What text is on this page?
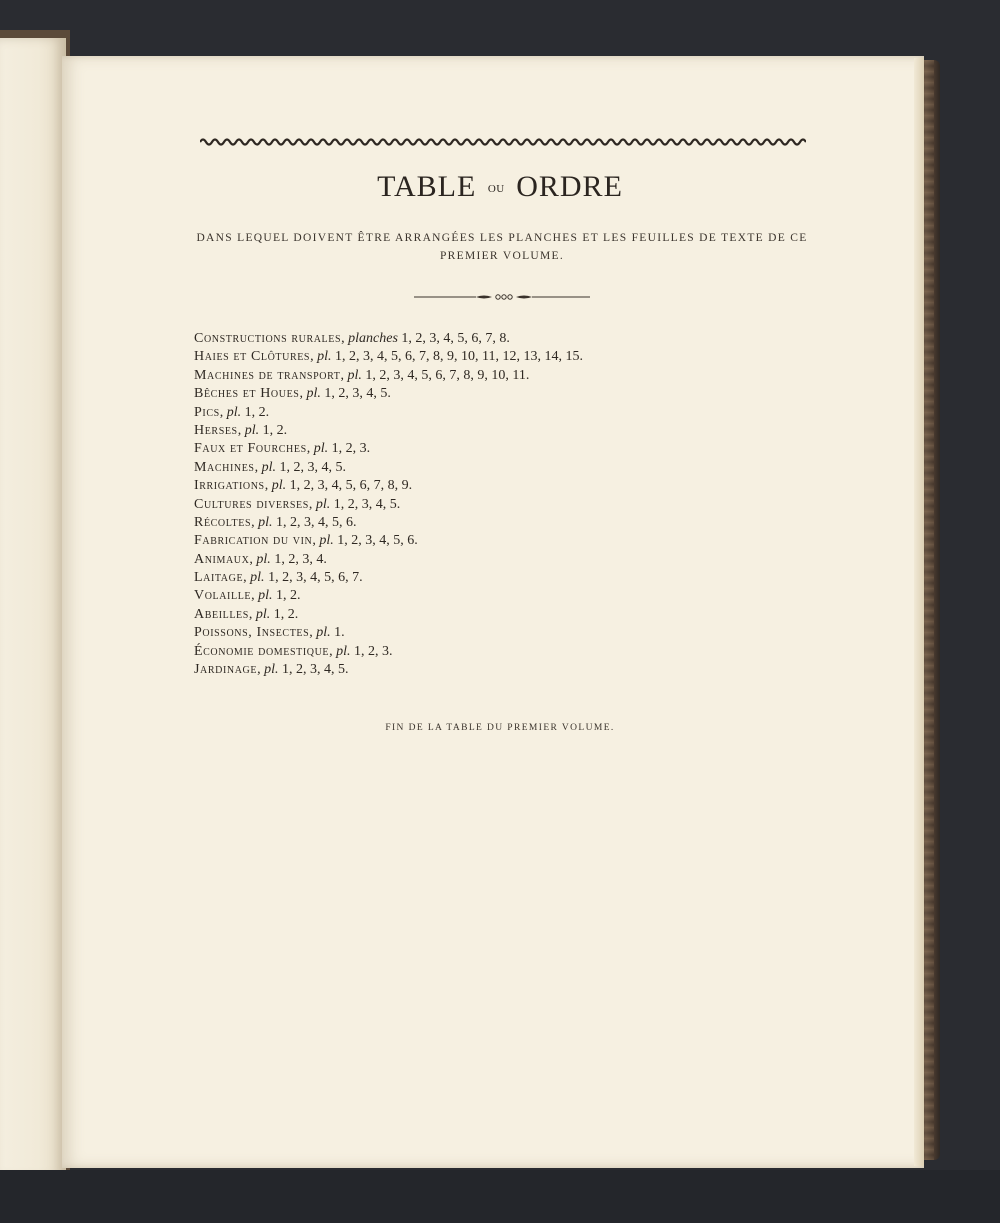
TABLE ou ORDRE

DANS LEQUEL DOIVENT ÊTRE ARRANGÉES LES PLANCHES ET LES FEUILLES DE TEXTE DE CE PREMIER VOLUME.

Constructions rurales, planches 1, 2, 3, 4, 5, 6, 7, 8.
Haies et Clôtures, pl. 1, 2, 3, 4, 5, 6, 7, 8, 9, 10, 11, 12, 13, 14, 15.
Machines de transport, pl. 1, 2, 3, 4, 5, 6, 7, 8, 9, 10, 11.
Bêches et Houes, pl. 1, 2, 3, 4, 5.
Pics, pl. 1, 2.
Herses, pl. 1, 2.
Faux et Fourches, pl. 1, 2, 3.
Machines, pl. 1, 2, 3, 4, 5.
Irrigations, pl. 1, 2, 3, 4, 5, 6, 7, 8, 9.
Cultures diverses, pl. 1, 2, 3, 4, 5.
Récoltes, pl. 1, 2, 3, 4, 5, 6.
Fabrication du vin, pl. 1, 2, 3, 4, 5, 6.
Animaux, pl. 1, 2, 3, 4.
Laitage, pl. 1, 2, 3, 4, 5, 6, 7.
Volaille, pl. 1, 2.
Abeilles, pl. 1, 2.
Poissons, Insectes, pl. 1.
Économie domestique, pl. 1, 2, 3.
Jardinage, pl. 1, 2, 3, 4, 5.
FIN DE LA TABLE DU PREMIER VOLUME.
